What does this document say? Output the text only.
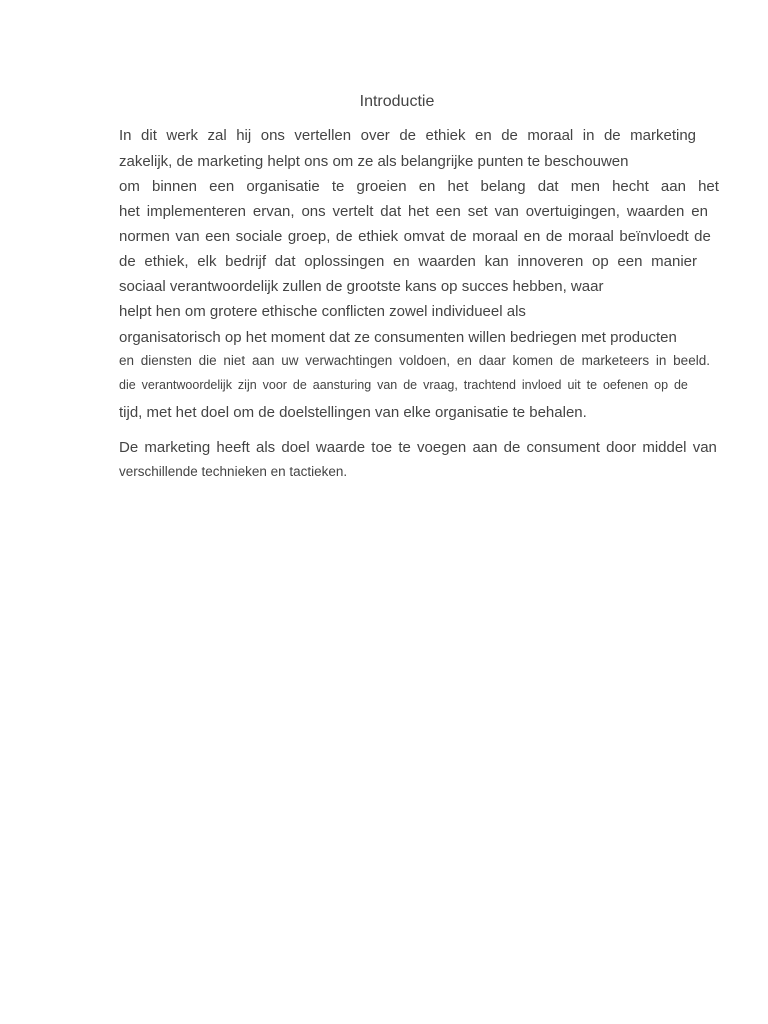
Introductie
In dit werk zal hij ons vertellen over de ethiek en de moraal in de marketing
zakelijk, de marketing helpt ons om ze als belangrijke punten te beschouwen
om binnen een organisatie te groeien en het belang dat men hecht aan het
het implementeren ervan, ons vertelt dat het een set van overtuigingen, waarden en
normen van een sociale groep, de ethiek omvat de moraal en de moraal beïnvloedt de
de ethiek, elk bedrijf dat oplossingen en waarden kan innoveren op een manier
sociaal verantwoordelijk zullen de grootste kans op succes hebben, waar
helpt hen om grotere ethische conflicten zowel individueel als
organisatorisch op het moment dat ze consumenten willen bedriegen met producten
en diensten die niet aan uw verwachtingen voldoen, en daar komen de marketeers in beeld.
die verantwoordelijk zijn voor de aansturing van de vraag, trachtend invloed uit te oefenen op de
tijd, met het doel om de doelstellingen van elke organisatie te behalen.
De marketing heeft als doel waarde toe te voegen aan de consument door middel van
verschillende technieken en tactieken.
